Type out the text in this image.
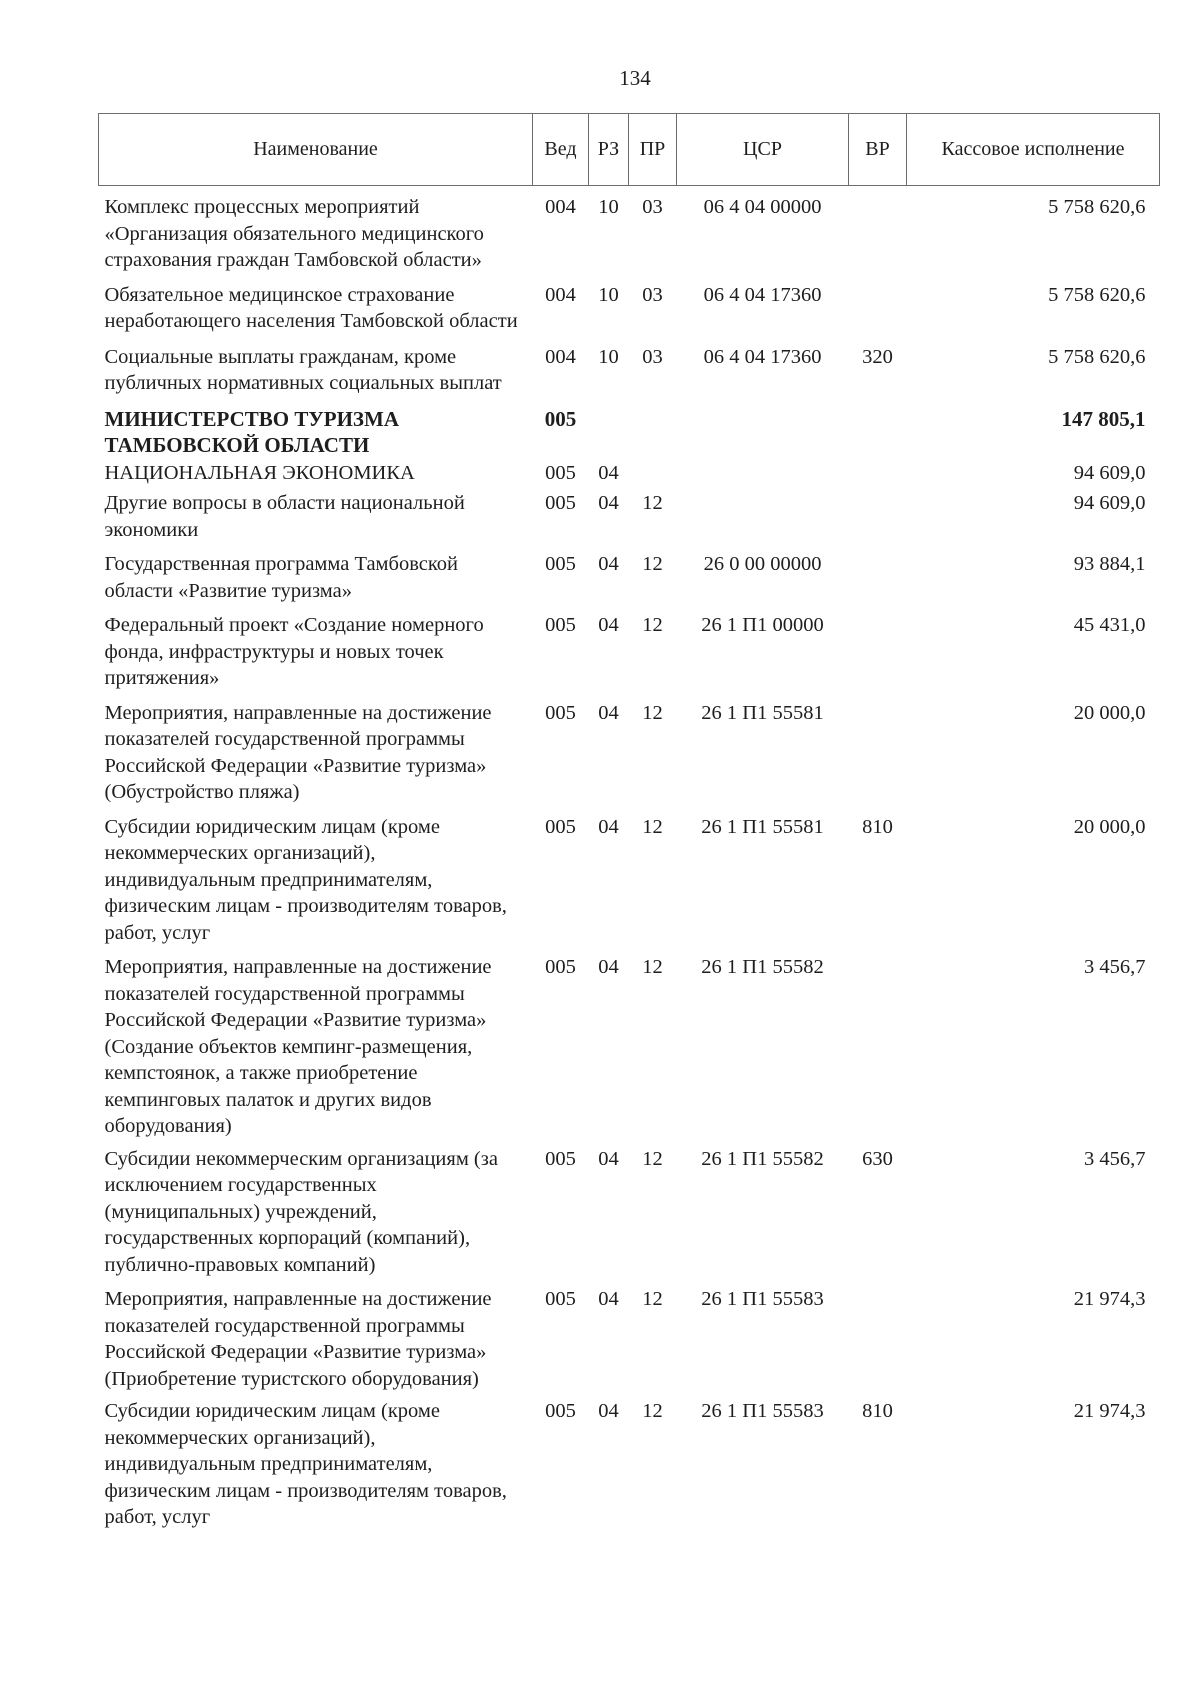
134
Наименование	Вед	РЗ	ПР	ЦСР	ВР	Кассовое исполнение
Комплекс процессных мероприятий «Организация обязательного медицинского страхования граждан Тамбовской области»	004	10	03	06 4 04 00000		5 758 620,6
Обязательное медицинское страхование неработающего населения Тамбовской области	004	10	03	06 4 04 17360		5 758 620,6
Социальные выплаты гражданам, кроме публичных нормативных социальных выплат	004	10	03	06 4 04 17360	320	5 758 620,6
МИНИСТЕРСТВО ТУРИЗМА ТАМБОВСКОЙ ОБЛАСТИ	005					147 805,1
НАЦИОНАЛЬНАЯ ЭКОНОМИКА	005	04				94 609,0
Другие вопросы в области национальной экономики	005	04	12			94 609,0
Государственная программа Тамбовской области «Развитие туризма»	005	04	12	26 0 00 00000		93 884,1
Федеральный проект «Создание номерного фонда, инфраструктуры и новых точек притяжения»	005	04	12	26 1 П1 00000		45 431,0
Мероприятия, направленные на достижение показателей государственной программы Российской Федерации «Развитие туризма» (Обустройство пляжа)	005	04	12	26 1 П1 55581		20 000,0
Субсидии юридическим лицам (кроме некоммерческих организаций), индивидуальным предпринимателям, физическим лицам - производителям товаров, работ, услуг	005	04	12	26 1 П1 55581	810	20 000,0
Мероприятия, направленные на достижение показателей государственной программы Российской Федерации «Развитие туризма» (Создание объектов кемпинг-размещения, кемпстоянок, а также приобретение кемпинговых палаток и других видов оборудования)	005	04	12	26 1 П1 55582		3 456,7
Субсидии некоммерческим организациям (за исключением государственных (муниципальных) учреждений, государственных корпораций (компаний), публично-правовых компаний)	005	04	12	26 1 П1 55582	630	3 456,7
Мероприятия, направленные на достижение показателей государственной программы Российской Федерации «Развитие туризма» (Приобретение туристского оборудования)	005	04	12	26 1 П1 55583		21 974,3
Субсидии юридическим лицам (кроме некоммерческих организаций), индивидуальным предпринимателям, физическим лицам - производителям товаров, работ, услуг	005	04	12	26 1 П1 55583	810	21 974,3
